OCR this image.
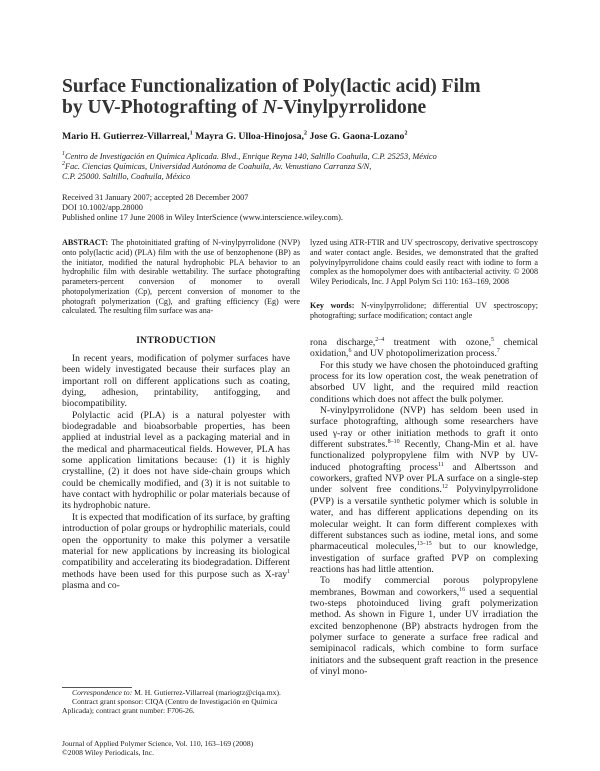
Surface Functionalization of Poly(lactic acid) Film
by UV-Photografting of N-Vinylpyrrolidone
Mario H. Gutierrez-Villarreal,$^1$ Mayra G. Ulloa-Hinojosa,$^2$ Jose G. Gaona-Lozano$^2$
$^1$Centro de Investigación en Química Aplicada. Blvd., Enrique Reyna 140, Saltillo Coahuila, C.P. 25253, México
$^2$Fac. Ciencias Químicas, Universidad Autónoma de Coahuila, Av. Venustiano Carranza S/N,
C.P. 25000. Saltillo, Coahuila, México
Received 31 January 2007; accepted 28 December 2007
DOI 10.1002/app.28000
Published online 17 June 2008 in Wiley InterScience (www.interscience.wiley.com).
ABSTRACT: The photoinitiated grafting of N-vinylpyrrolidone (NVP) onto poly(lactic acid) (PLA) film with the use of benzophenone (BP) as the initiator, modified the natural hydrophobic PLA behavior to an hydrophilic film with desirable wettability. The surface photografting parameters-percent conversion of monomer to overall photopolymerization (Cp), percent conversion of monomer to the photograft polymerization (Cg), and grafting efficiency (Eg) were calculated. The resulting film surface was ana-
lyzed using ATR-FTIR and UV spectroscopy, derivative spectroscopy and water contact angle. Besides, we demonstrated that the grafted polyvinylpyrrolidone chains could easily react with iodine to form a complex as the homopolymer does with antibacterial activity. © 2008 Wiley Periodicals, Inc. J Appl Polym Sci 110: 163–169, 2008
Key words: N-vinylpyrrolidone; differential UV spectroscopy; photografting; surface modification; contact angle
INTRODUCTION

In recent years, modification of polymer surfaces have been widely investigated because their surfaces play an important roll on different applications such as coating, dying, adhesion, printability, antifogging, and biocompatibility.

Polylactic acid (PLA) is a natural polyester with biodegradable and bioabsorbable properties, has been applied at industrial level as a packaging material and in the medical and pharmaceutical fields. However, PLA has some application limitations because: (1) it is highly crystalline, (2) it does not have side-chain groups which could be chemically modified, and (3) it is not suitable to have contact with hydrophilic or polar materials because of its hydrophobic nature.

It is expected that modification of its surface, by grafting introduction of polar groups or hydrophilic materials, could open the opportunity to make this polymer a versatile material for new applications by increasing its biological compatibility and accelerating its biodegradation. Different methods have been used for this purpose such as X-ray$^1$ plasma and co-

rona discharge,$^{2-4}$ treatment with ozone,$^5$ chemical oxidation,$^6$ and UV photopolimerization process.$^7$

For this study we have chosen the photoinduced grafting process for its low operation cost, the weak penetration of absorbed UV light, and the required mild reaction conditions which does not affect the bulk polymer.

N-vinylpyrrolidone (NVP) has seldom been used in surface photografting, although some researchers have used γ-ray or other initiation methods to graft it onto different substrates.$^{8-10}$ Recently, Chang-Min et al. have functionalized polypropylene film with NVP by UV-induced photografting process$^{11}$ and Albertsson and coworkers, grafted NVP over PLA surface on a single-step under solvent free conditions.$^{12}$ Polyvinylpyrrolidone (PVP) is a versatile synthetic polymer which is soluble in water, and has different applications depending on its molecular weight. It can form different complexes with different substances such as iodine, metal ions, and some pharmaceutical molecules,$^{13-15}$ but to our knowledge, investigation of surface grafted PVP on complexing reactions has had little attention.

To modify commercial porous polypropylene membranes, Bowman and coworkers,$^{16}$ used a sequential two-steps photoinduced living graft polymerization method. As shown in Figure 1, under UV irradiation the excited benzophenone (BP) abstracts hydrogen from the polymer surface to generate a surface free radical and semipinacol radicals, which combine to form surface initiators and the subsequent graft reaction in the presence of vinyl mono-

Correspondence to: M. H. Gutierrez-Villarreal (mariogtz@ciqa.mx).
Contract grant sponsor: CIQA (Centro de Investigación en Química Aplicada); contract grant number: F706-26.
Journal of Applied Polymer Science, Vol. 110, 163–169 (2008)
©2008 Wiley Periodicals, Inc.
